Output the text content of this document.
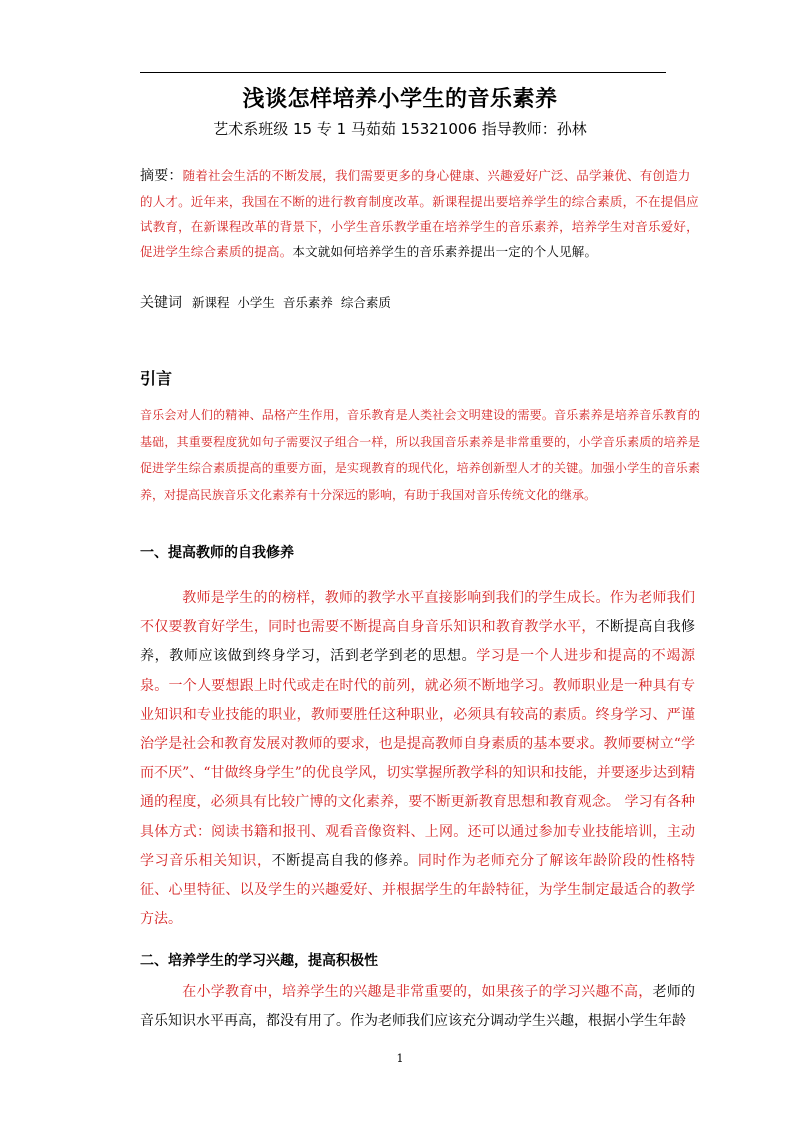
浅谈怎样培养小学生的音乐素养
艺术系班级 15 专 1 马茹茹 15321006 指导教师：孙林
摘要：随着社会生活的不断发展，我们需要更多的身心健康、兴趣爱好广泛、品学兼优、有创造力的人才。近年来，我国在不断的进行教育制度改革。新课程提出要培养学生的综合素质，不在提倡应试教育，在新课程改革的背景下，小学生音乐教学重在培养学生的音乐素养，培养学生对音乐爱好，促进学生综合素质的提高。本文就如何培养学生的音乐素养提出一定的个人见解。
关键词 新课程  小学生  音乐素养  综合素质
引言
音乐会对人们的精神、品格产生作用，音乐教育是人类社会文明建设的需要。音乐素养是培养音乐教育的基础，其重要程度犹如句子需要汉子组合一样，所以我国音乐素养是非常重要的，小学音乐素质的培养是促进学生综合素质提高的重要方面，是实现教育的现代化，培养创新型人才的关键。加强小学生的音乐素养，对提高民族音乐文化素养有十分深远的影响，有助于我国对音乐传统文化的继承。
一、提高教师的自我修养
教师是学生的的榜样，教师的教学水平直接影响到我们的学生成长。作为老师我们不仅要教育好学生，同时也需要不断提高自身音乐知识和教育教学水平，不断提高自我修养，教师应该做到终身学习，活到老学到老的思想。学习是一个人进步和提高的不竭源泉。一个人要想跟上时代或走在时代的前列，就必须不断地学习。教师职业是一种具有专业知识和专业技能的职业，教师要胜任这种职业，必须具有较高的素质。终身学习、严谨治学是社会和教育发展对教师的要求，也是提高教师自身素质的基本要求。教师要树立“学而不厌”、“甘做终身学生”的优良学风，切实掌握所教学科的知识和技能，并要逐步达到精通的程度，必须具有比较广博的文化素养，要不断更新教育思想和教育观念。 学习有各种具体方式：阅读书籍和报刊、观看音像资料、上网。还可以通过参加专业技能培训，主动学习音乐相关知识，不断提高自我的修养。同时作为老师充分了解该年龄阶段的性格特征、心里特征、以及学生的兴趣爱好、并根据学生的年龄特征，为学生制定最适合的教学方法。
二、培养学生的学习兴趣，提高积极性
在小学教育中，培养学生的兴趣是非常重要的，如果孩子的学习兴趣不高，老师的音乐知识水平再高，都没有用了。作为老师我们应该充分调动学生兴趣，根据小学生年龄
1
